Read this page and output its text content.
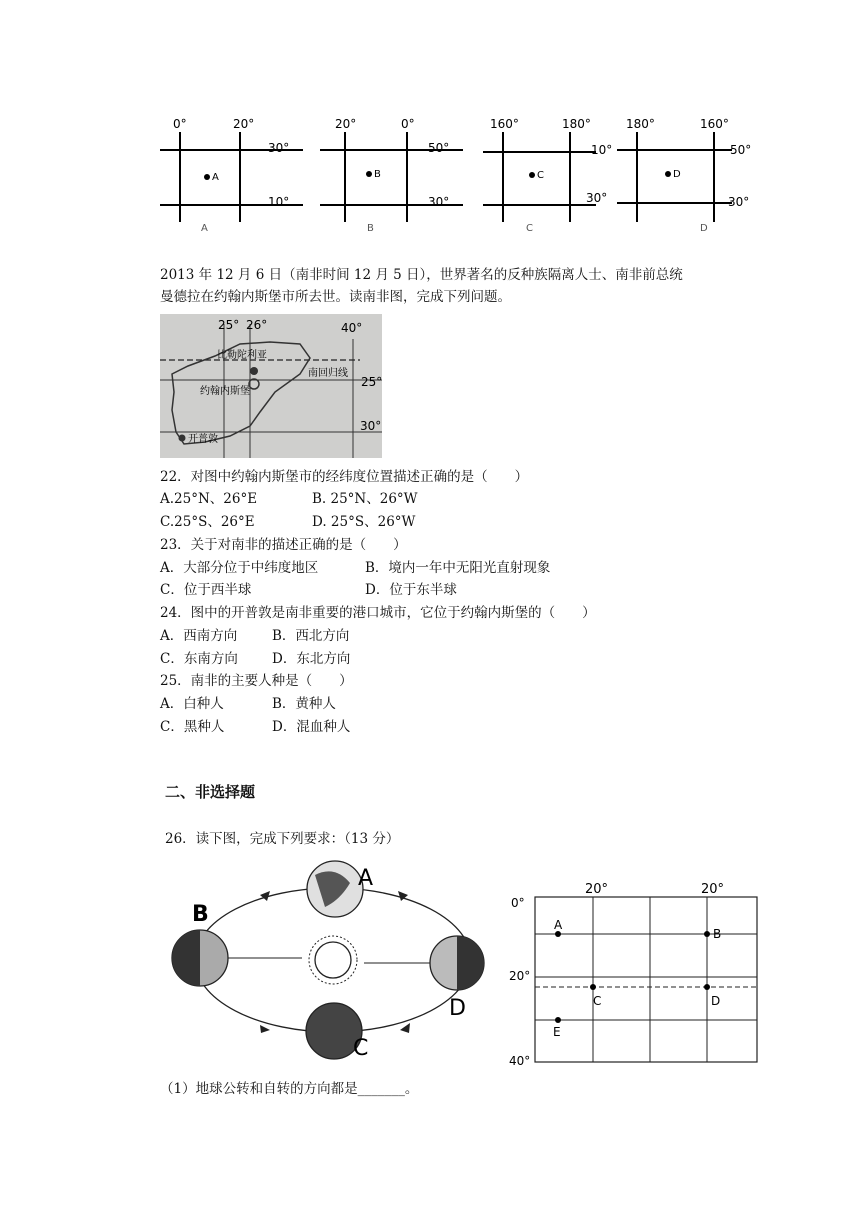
0°	20°
30°
10°
A
A
20°	0°
50°
30°
B
B
160°	180°
10°
30°
C
C
180°	160°
50°
30°
D
D
2013 年 12 月 6 日（南非时间 12 月 5 日），世界著名的反种族隔离人士、南非前总统
曼德拉在约翰内斯堡市所去世。读南非图，完成下列问题。
25° 26°	40°
25°
30°
比勒陀利亚
约翰内斯堡
南回归线
开普敦
22．对图中约翰内斯堡市的经纬度位置描述正确的是（　　）
A.25°N、26°E	B. 25°N、26°W
C.25°S、26°E	D. 25°S、26°W
23．关于对南非的描述正确的是（　　）
A．大部分位于中纬度地区	B．境内一年中无阳光直射现象
C．位于西半球	D．位于东半球
24．图中的开普敦是南非重要的港口城市，它位于约翰内斯堡的（　　）
A．西南方向	B．西北方向
C．东南方向	D．东北方向
25．南非的主要人种是（　　）
A．白种人	B．黄种人
C．黑种人	D．混血种人
二、非选择题
26．读下图，完成下列要求：（13 分）
A
B
C
D
20°	20°
0°
20°
40°
A
B
C	D
E
（1）地球公转和自转的方向都是_______。
